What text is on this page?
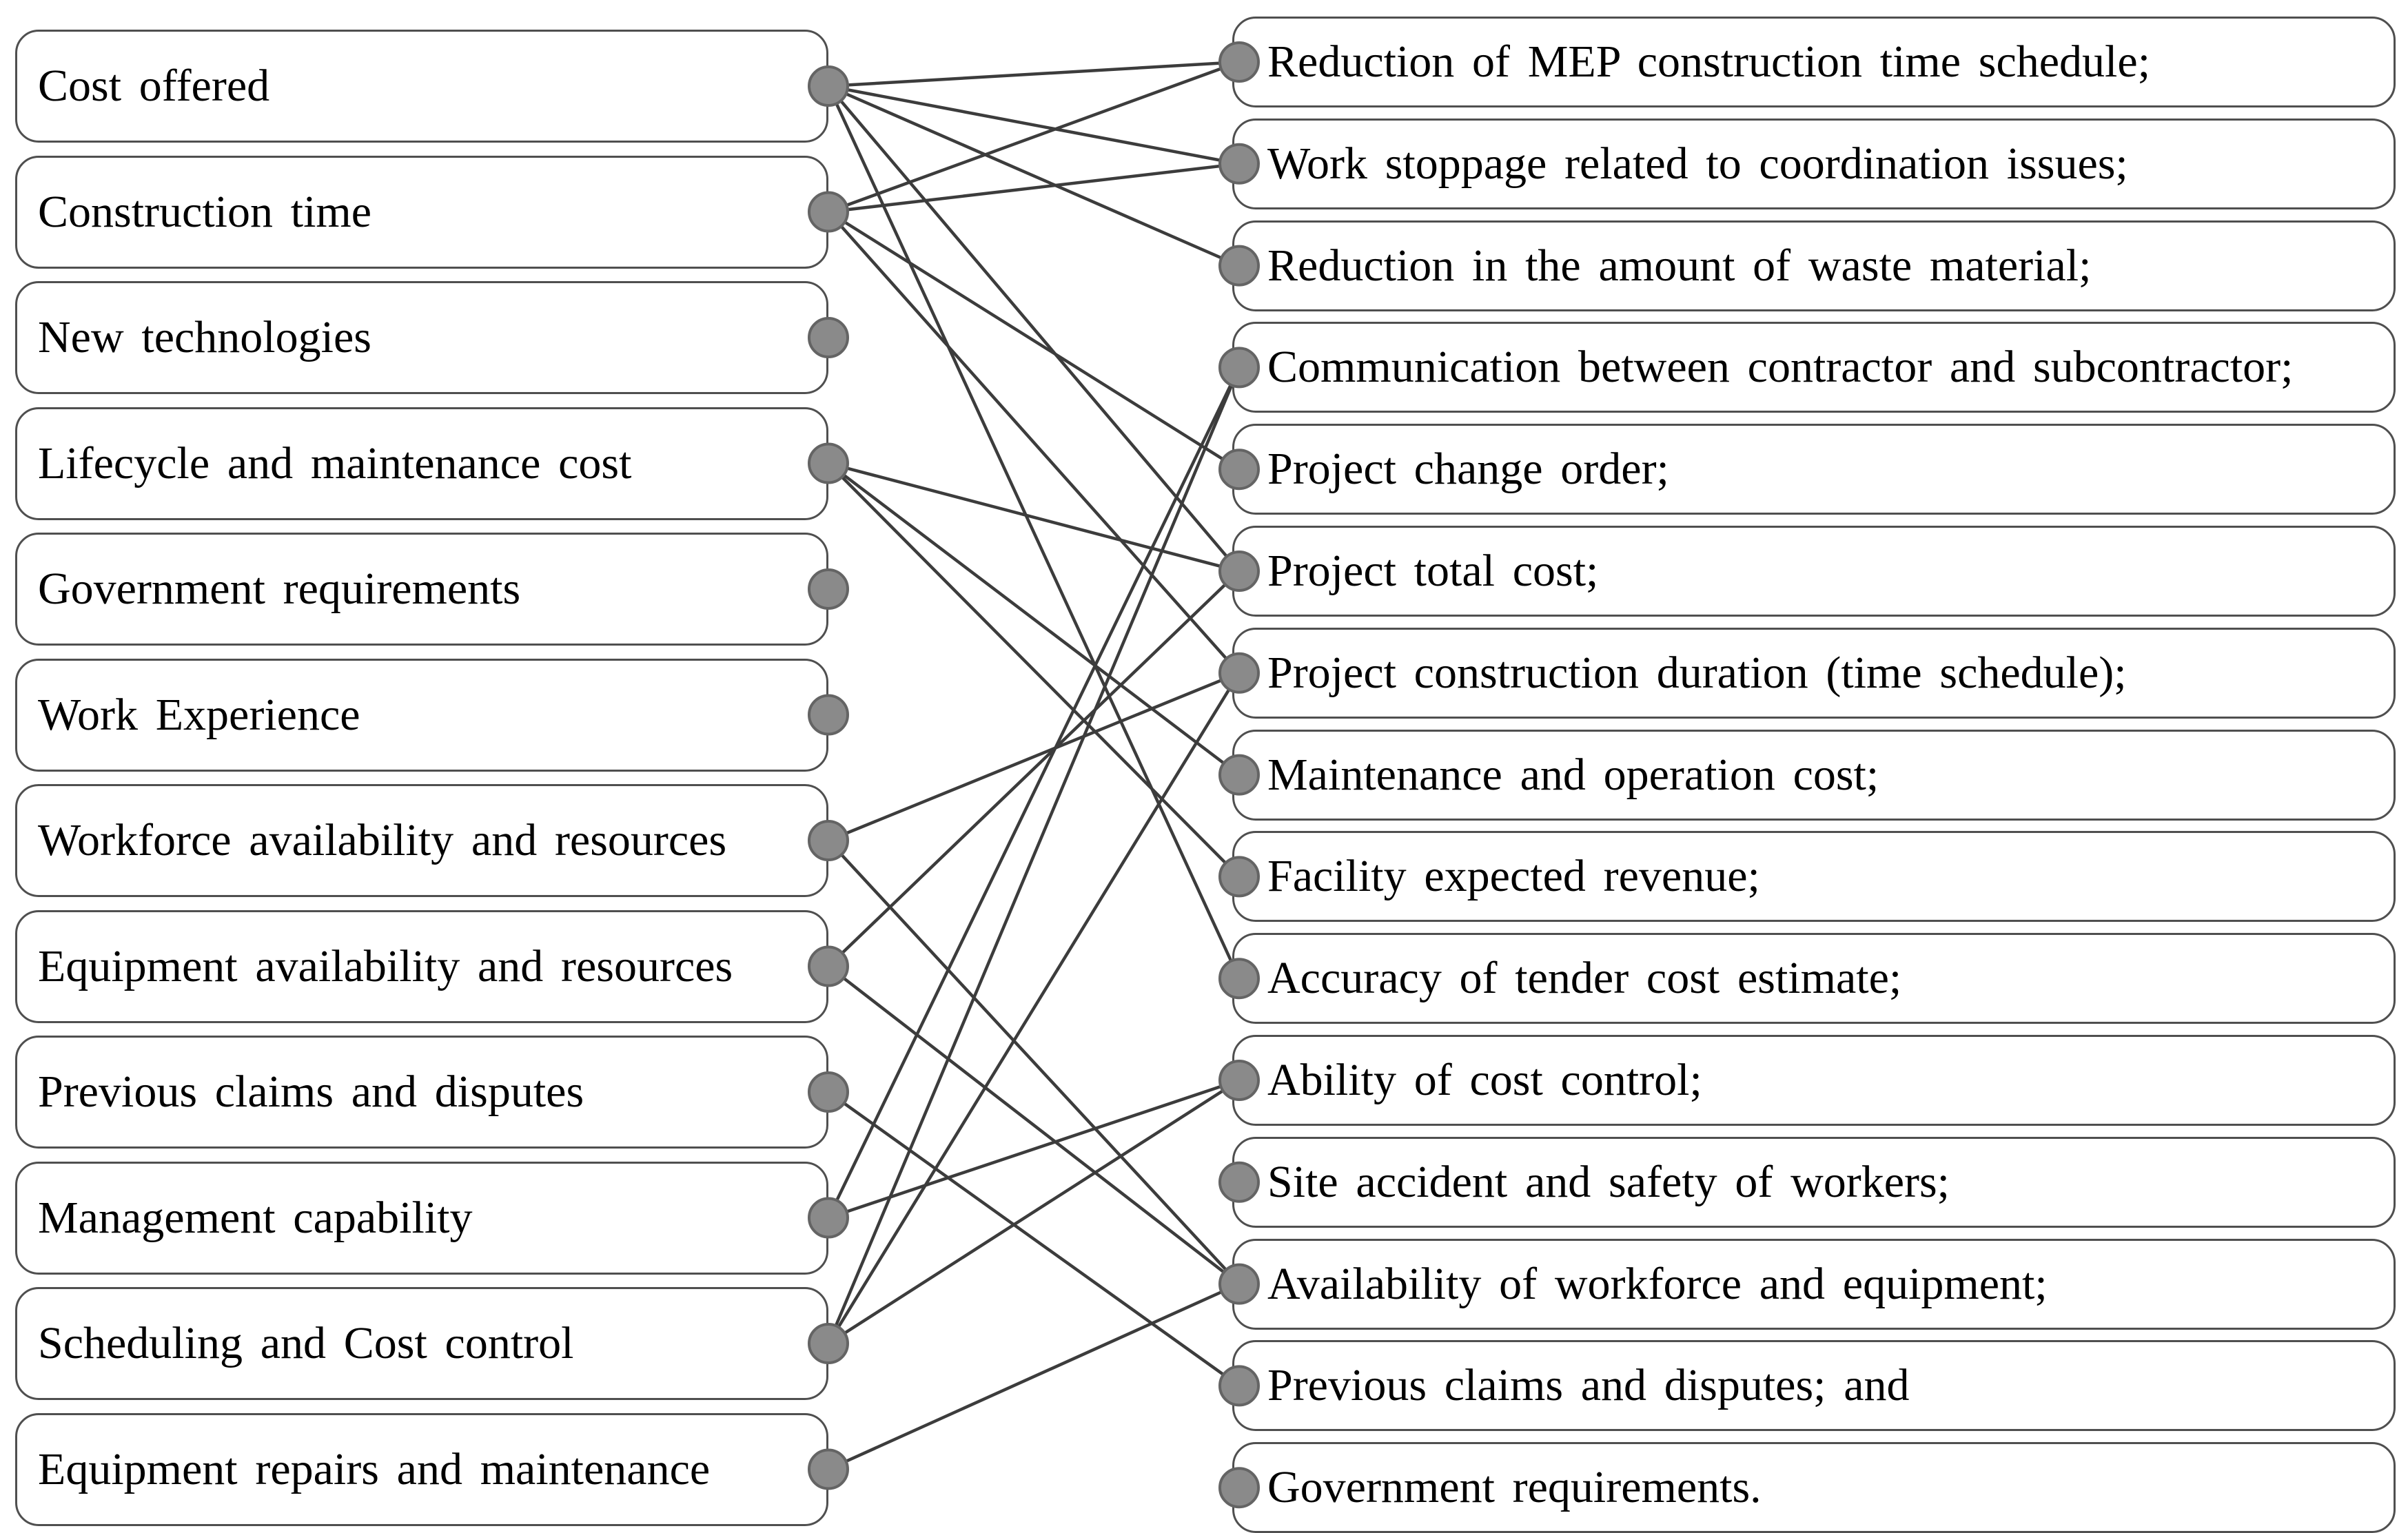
Cost offered
Construction time
New technologies
Lifecycle and maintenance cost
Government requirements
Work Experience
Workforce availability and resources
Equipment availability and resources
Previous claims and disputes
Management capability
Scheduling and Cost control
Equipment repairs and maintenance
Reduction of MEP construction time schedule;
Work stoppage related to coordination issues;
Reduction in the amount of waste material;
Communication between contractor and subcontractor;
Project change order;
Project total cost;
Project construction duration (time schedule);
Maintenance and operation cost;
Facility expected revenue;
Accuracy of tender cost estimate;
Ability of cost control;
Site accident and safety of workers;
Availability of workforce and equipment;
Previous claims and disputes; and
Government requirements.
